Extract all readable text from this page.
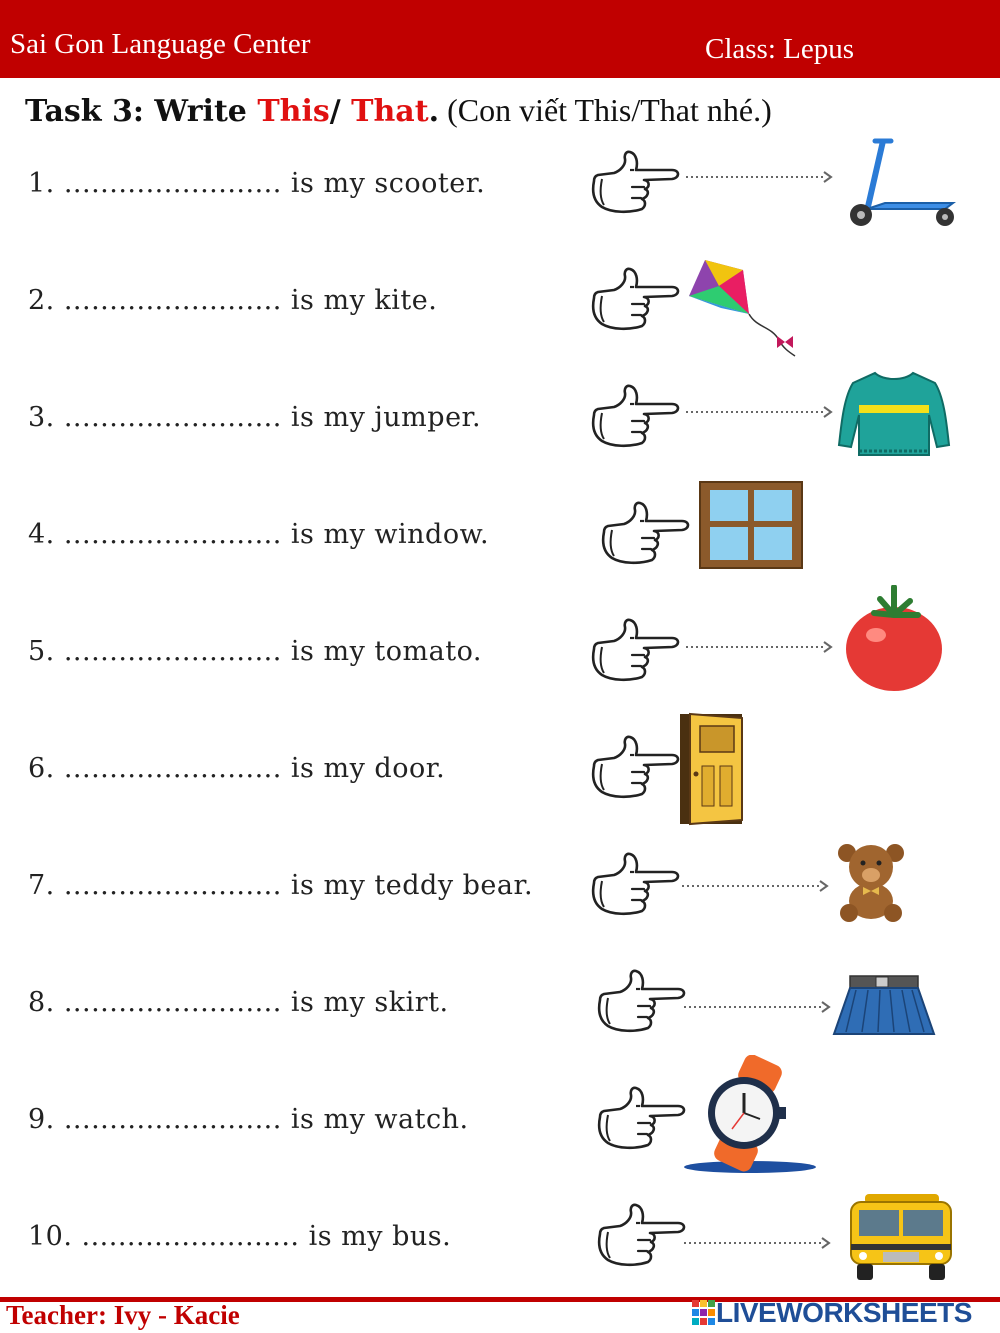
Sai Gon Language Center	Class: Lepus
Task 3: Write This/ That. (Con viết This/That nhé.)
1. ........................ is my scooter.
2. ........................ is my kite.
3. ........................ is my jumper.
4. ........................ is my window.
5. ........................ is my tomato.
6. ........................ is my door.
7. ........................ is my teddy bear.
8. ........................ is my skirt.
9. ........................ is my watch.
10. ........................ is my bus.
Teacher: Ivy - Kacie	LIVEWORKSHEETS
